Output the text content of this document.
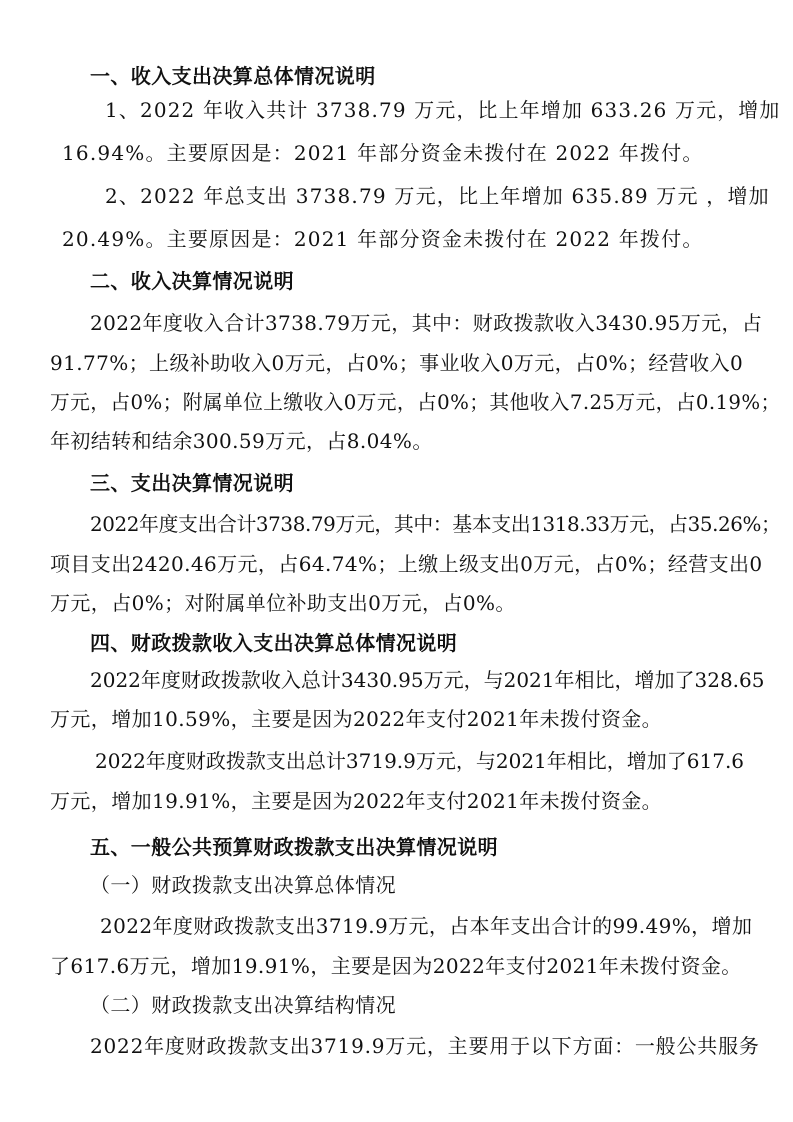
一、收入支出决算总体情况说明
1、2022 年收入共计 3738.79 万元，比上年增加 633.26 万元，增加
16.94%。主要原因是：2021 年部分资金未拨付在 2022 年拨付。
2、2022 年总支出 3738.79 万元，比上年增加 635.89 万元 ，增加
20.49%。主要原因是：2021 年部分资金未拨付在 2022 年拨付。
二、收入决算情况说明
2022年度收入合计3738.79万元，其中：财政拨款收入3430.95万元，占
91.77%；上级补助收入0万元，占0%；事业收入0万元，占0%；经营收入0
万元，占0%；附属单位上缴收入0万元，占0%；其他收入7.25万元，占0.19%；
年初结转和结余300.59万元，占8.04%。
三、支出决算情况说明
2022年度支出合计3738.79万元，其中：基本支出1318.33万元，占35.26%；
项目支出2420.46万元，占64.74%；上缴上级支出0万元，占0%；经营支出0
万元，占0%；对附属单位补助支出0万元，占0%。
四、财政拨款收入支出决算总体情况说明
2022年度财政拨款收入总计3430.95万元，与2021年相比，增加了328.65
万元，增加10.59%，主要是因为2022年支付2021年未拨付资金。
2022年度财政拨款支出总计3719.9万元，与2021年相比，增加了617.6
万元，增加19.91%，主要是因为2022年支付2021年未拨付资金。
五、一般公共预算财政拨款支出决算情况说明
（一）财政拨款支出决算总体情况
2022年度财政拨款支出3719.9万元，占本年支出合计的99.49%，增加
了617.6万元，增加19.91%，主要是因为2022年支付2021年未拨付资金。
（二）财政拨款支出决算结构情况
2022年度财政拨款支出3719.9万元，主要用于以下方面：一般公共服务
